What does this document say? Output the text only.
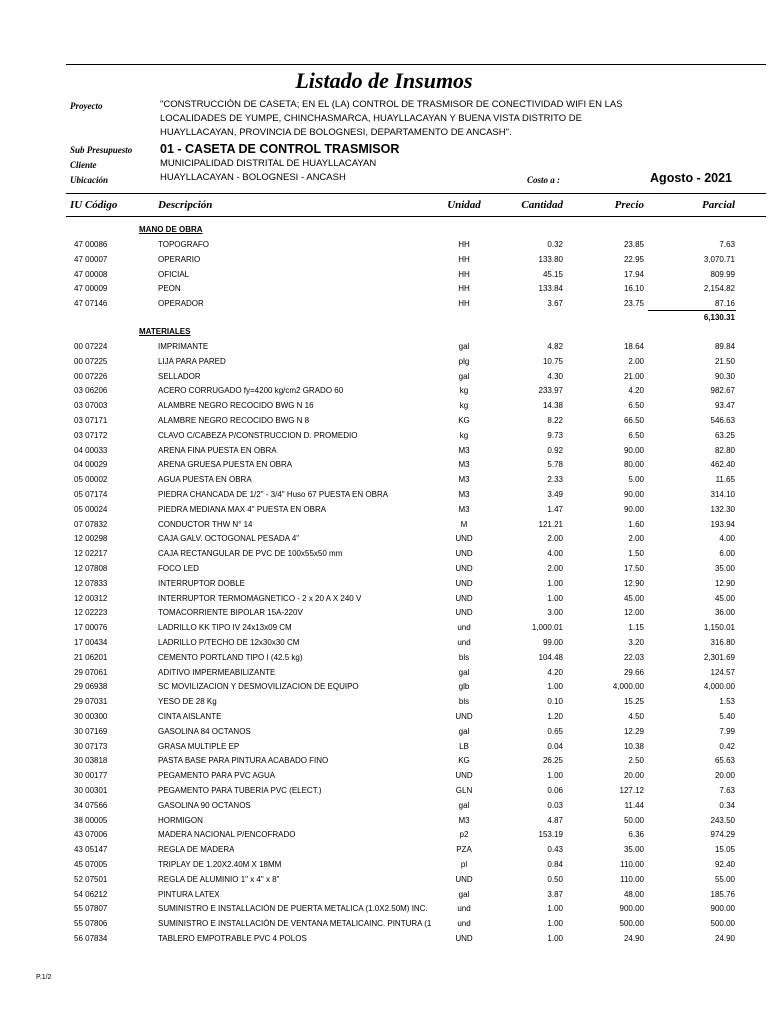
Listado de Insumos
Proyecto	"CONSTRUCCIÓN DE CASETA; EN EL (LA) CONTROL DE TRASMISOR DE CONECTIVIDAD WIFI EN LAS
LOCALIDADES DE YUMPE, CHINCHASMARCA, HUAYLLACAYAN Y BUENA VISTA DISTRITO DE
HUAYLLACAYAN, PROVINCIA DE BOLOGNESI, DEPARTAMENTO DE ANCASH".
Sub Presupuesto 01 - CASETA DE CONTROL TRASMISOR
Cliente	MUNICIPALIDAD DISTRITAL DE HUAYLLACAYAN
Ubicación	HUAYLLACAYAN - BOLOGNESI - ANCASH	Costo a :	Agosto - 2021
IU Código	Descripción	Unidad	Cantidad	Precio	Parcial
MANO DE OBRA
47 00086	TOPOGRAFO	HH	0.32	23.85	7.63
47 00007	OPERARIO	HH	133.80	22.95	3,070.71
47 00008	OFICIAL	HH	45.15	17.94	809.99
47 00009	PEON	HH	133.84	16.10	2,154.82
47 07146	OPERADOR	HH	3.67	23.75	87.16
6,130.31
MATERIALES
00 07224	IMPRIMANTE	gal	4.82	18.64	89.84
00 07225	LIJA PARA PARED	plg	10.75	2.00	21.50
00 07226	SELLADOR	gal	4.30	21.00	90.30
03 06206	ACERO CORRUGADO fy=4200 kg/cm2 GRADO 60	kg	233.97	4.20	982.67
03 07003	ALAMBRE NEGRO RECOCIDO BWG N 16	kg	14.38	6.50	93.47
03 07171	ALAMBRE NEGRO RECOCIDO BWG N 8	KG	8.22	66.50	546.63
03 07172	CLAVO C/CABEZA P/CONSTRUCCION D. PROMEDIO	kg	9.73	6.50	63.25
04 00033	ARENA FINA PUESTA EN OBRA	M3	0.92	90.00	82.80
04 00029	ARENA GRUESA PUESTA EN OBRA	M3	5.78	80.00	462.40
05 00002	AGUA PUESTA EN OBRA	M3	2.33	5.00	11.65
05 07174	PIEDRA CHANCADA DE 1/2" - 3/4" Huso 67 PUESTA EN OBRA	M3	3.49	90.00	314.10
05 00024	PIEDRA MEDIANA MAX 4" PUESTA EN OBRA	M3	1.47	90.00	132.30
07 07832	CONDUCTOR THW N° 14	M	121.21	1.60	193.94
12 00298	CAJA GALV. OCTOGONAL PESADA 4"	UND	2.00	2.00	4.00
12 02217	CAJA RECTANGULAR DE PVC DE 100x55x50 mm	UND	4.00	1.50	6.00
12 07808	FOCO LED	UND	2.00	17.50	35.00
12 07833	INTERRUPTOR DOBLE	UND	1.00	12.90	12.90
12 00312	INTERRUPTOR TERMOMAGNETICO - 2 x 20 A X 240 V	UND	1.00	45.00	45.00
12 02223	TOMACORRIENTE BIPOLAR 15A-220V	UND	3.00	12.00	36.00
17 00076	LADRILLO KK TIPO IV 24x13x09 CM	und	1,000.01	1.15	1,150.01
17 00434	LADRILLO P/TECHO DE 12x30x30 CM	und	99.00	3.20	316.80
21 06201	CEMENTO PORTLAND TIPO I (42.5 kg)	bls	104.48	22.03	2,301.69
29 07061	ADITIVO IMPERMEABILIZANTE	gal	4.20	29.66	124.57
29 06938	SC MOVILIZACION Y DESMOVILIZACION DE EQUIPO	glb	1.00	4,000.00	4,000.00
29 07031	YESO DE 28 Kg	bls	0.10	15.25	1.53
30 00300	CINTA AISLANTE	UND	1.20	4.50	5.40
30 07169	GASOLINA 84 OCTANOS	gal	0.65	12.29	7.99
30 07173	GRASA MULTIPLE EP	LB	0.04	10.38	0.42
30 03818	PASTA BASE PARA PINTURA ACABADO FINO	KG	26.25	2.50	65.63
30 00177	PEGAMENTO PARA PVC AGUA	UND	1.00	20.00	20.00
30 00301	PEGAMENTO PARA TUBERIA PVC (ELECT.)	GLN	0.06	127.12	7.63
34 07566	GASOLINA 90 OCTANOS	gal	0.03	11.44	0.34
38 00005	HORMIGON	M3	4.87	50.00	243.50
43 07006	MADERA NACIONAL P/ENCOFRADO	p2	153.19	6.36	974.29
43 05147	REGLA DE MADERA	PZA	0.43	35.00	15.05
45 07005	TRIPLAY DE 1.20X2.40M X 18MM	pl	0.84	110.00	92.40
52 07501	REGLA DE ALUMINIO 1" x 4" x 8"	UND	0.50	110.00	55.00
54 06212	PINTURA LATEX	gal	3.87	48.00	185.76
55 07807	SUMINISTRO E INSTALLACIÓN DE PUERTA METALICA (1.0X2.50M) INC.	und	1.00	900.00	900.00
55 07806	SUMINISTRO E INSTALLACIÓN DE VENTANA METALICAINC. PINTURA (1	und	1.00	500.00	500.00
56 07834	TABLERO EMPOTRABLE PVC 4 POLOS	UND	1.00	24.90	24.90
P.1/2
